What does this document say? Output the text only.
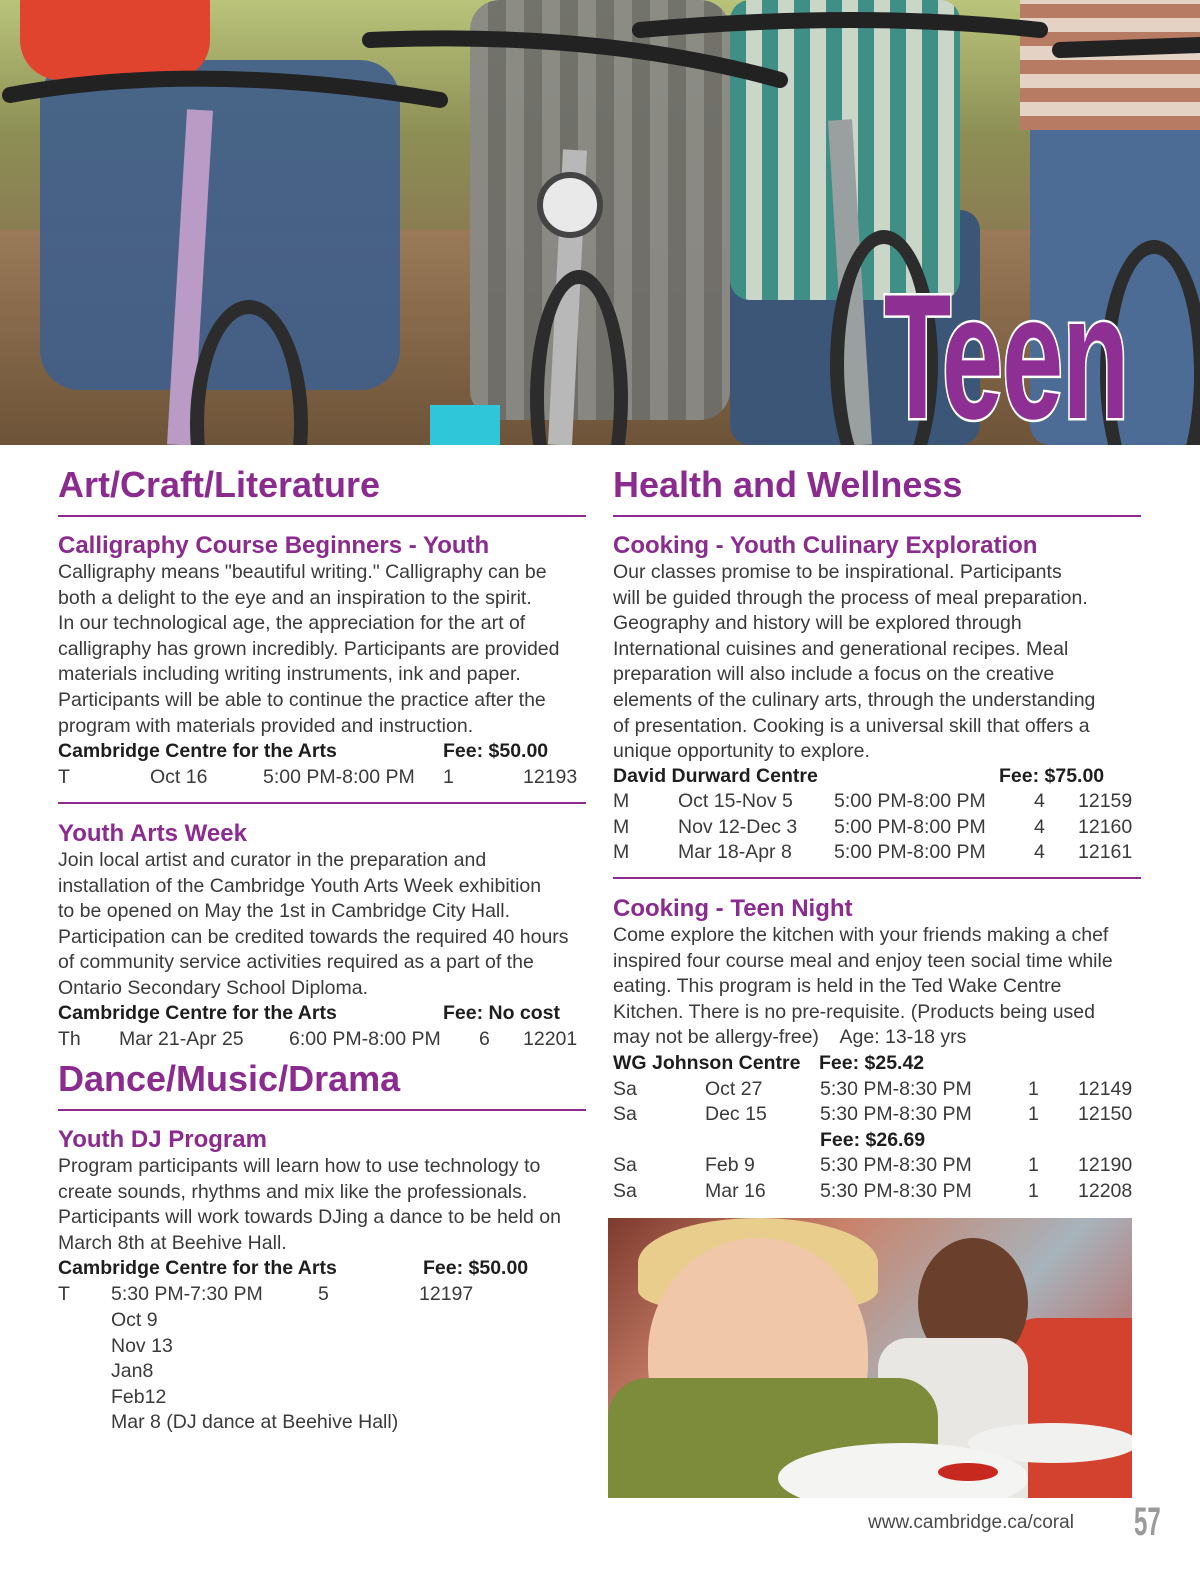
Teen
Art/Craft/Literature
Calligraphy Course Beginners - Youth
Calligraphy means "beautiful writing." Calligraphy can be
both a delight to the eye and an inspiration to the spirit.
In our technological age, the appreciation for the art of
calligraphy has grown incredibly. Participants are provided
materials including writing instruments, ink and paper.
Participants will be able to continue the practice after the
program with materials provided and instruction.
Cambridge Centre for the Arts	Fee: $50.00
T	Oct 16	5:00 PM-8:00 PM 1	12193
Youth Arts Week
Join local artist and curator in the preparation and
installation of the Cambridge Youth Arts Week exhibition
to be opened on May the 1st in Cambridge City Hall.
Participation can be credited towards the required 40 hours
of community service activities required as a part of the
Ontario Secondary School Diploma.
Cambridge Centre for the Arts	Fee: No cost
Th Mar 21-Apr 25 6:00 PM-8:00 PM 6 12201
Dance/Music/Drama
Youth DJ Program
Program participants will learn how to use technology to
create sounds, rhythms and mix like the professionals.
Participants will work towards DJing a dance to be held on
March 8th at Beehive Hall.
Cambridge Centre for the Arts	Fee: $50.00
T 5:30 PM-7:30 PM	5	12197
Oct 9
Nov 13
Jan8
Feb12
Mar 8 (DJ dance at Beehive Hall)
Health and Wellness
Cooking - Youth Culinary Exploration
Our classes promise to be inspirational. Participants
will be guided through the process of meal preparation.
Geography and history will be explored through
International cuisines and generational recipes. Meal
preparation will also include a focus on the creative
elements of the culinary arts, through the understanding
of presentation. Cooking is a universal skill that offers a
unique opportunity to explore.
David Durward Centre	Fee: $75.00
M	Oct 15-Nov 5 5:00 PM-8:00 PM 4 12159
M	Nov 12-Dec 3 5:00 PM-8:00 PM 4 12160
M	Mar 18-Apr 8 5:00 PM-8:00 PM 4 12161
Cooking - Teen Night
Come explore the kitchen with your friends making a chef
inspired four course meal and enjoy teen social time while
eating. This program is held in the Ted Wake Centre
Kitchen. There is no pre-requisite. (Products being used
may not be allergy-free)    Age: 13-18 yrs
WG Johnson Centre Fee: $25.42
Sa	Oct 27	5:30 PM-8:30 PM	1 12149
Sa	Dec 15	5:30 PM-8:30 PM	1 12150
Fee: $26.69
Sa	Feb 9	5:30 PM-8:30 PM	1 12190
Sa	Mar 16	5:30 PM-8:30 PM	1 12208
www.cambridge.ca/coral 57
